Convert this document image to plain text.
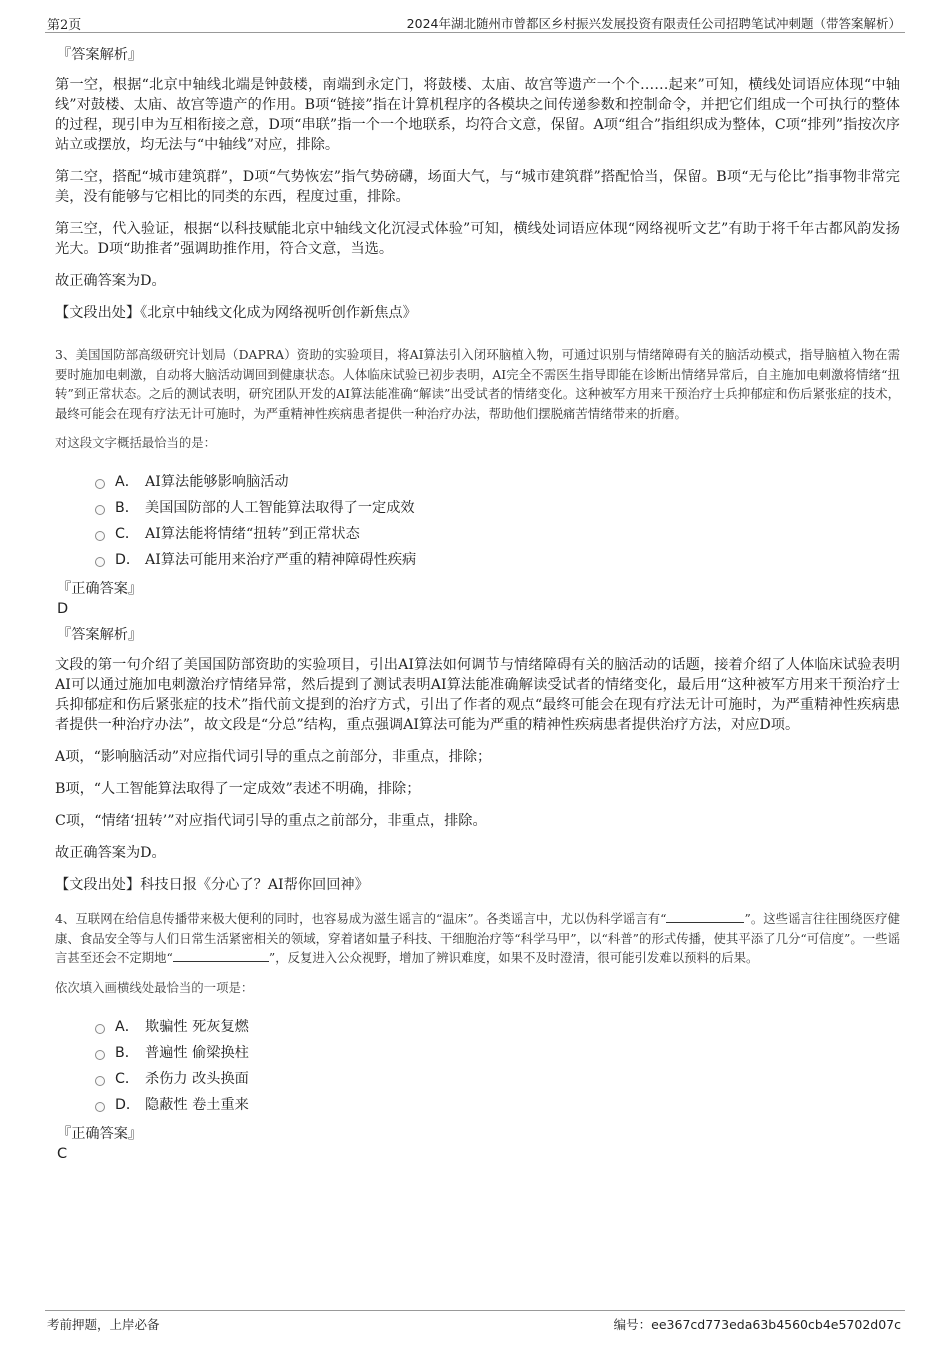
第2页	2024年湖北随州市曾都区乡村振兴发展投资有限责任公司招聘笔试冲刺题（带答案解析）
『答案解析』

第一空，根据“北京中轴线北端是钟鼓楼，南端到永定门，将鼓楼、太庙、故宫等遗产一个个……起来”可知，横线处词语应体现“中轴线”对鼓楼、太庙、故宫等遗产的作用。B项“链接”指在计算机程序的各模块之间传递参数和控制命令，并把它们组成一个可执行的整体的过程，现引申为互相衔接之意，D项“串联”指一个一个地联系，均符合文意，保留。A项“组合”指组织成为整体，C项“排列”指按次序站立或摆放，均无法与“中轴线”对应，排除。

第二空，搭配“城市建筑群”，D项“气势恢宏”指气势磅礴，场面大气，与“城市建筑群”搭配恰当，保留。B项“无与伦比”指事物非常完美，没有能够与它相比的同类的东西，程度过重，排除。

第三空，代入验证，根据“以科技赋能北京中轴线文化沉浸式体验”可知，横线处词语应体现“网络视听文艺”有助于将千年古都风韵发扬光大。D项“助推者”强调助推作用，符合文意，当选。

故正确答案为D。

【文段出处】《北京中轴线文化成为网络视听创作新焦点》

3、美国国防部高级研究计划局（DAPRA）资助的实验项目，将AI算法引入闭环脑植入物，可通过识别与情绪障碍有关的脑活动模式，指导脑植入物在需要时施加电刺激，自动将大脑活动调回到健康状态。人体临床试验已初步表明，AI完全不需医生指导即能在诊断出情绪异常后，自主施加电刺激将情绪“扭转”到正常状态。之后的测试表明，研究团队开发的AI算法能准确“解读”出受试者的情绪变化。这种被军方用来干预治疗士兵抑郁症和伤后紧张症的技术，最终可能会在现有疗法无计可施时，为严重精神性疾病患者提供一种治疗办法，帮助他们摆脱痛苦情绪带来的折磨。
对这段文字概括最恰当的是：
A． AI算法能够影响脑活动
B． 美国国防部的人工智能算法取得了一定成效
C． AI算法能将情绪“扭转”到正常状态
D． AI算法可能用来治疗严重的精神障碍性疾病
『正确答案』
D
『答案解析』

文段的第一句介绍了美国国防部资助的实验项目，引出AI算法如何调节与情绪障碍有关的脑活动的话题，接着介绍了人体临床试验表明AI可以通过施加电刺激治疗情绪异常，然后提到了测试表明AI算法能准确解读受试者的情绪变化，最后用“这种被军方用来干预治疗士兵抑郁症和伤后紧张症的技术”指代前文提到的治疗方式，引出了作者的观点“最终可能会在现有疗法无计可施时，为严重精神性疾病患者提供一种治疗办法”，故文段是“分总”结构，重点强调AI算法可能为严重的精神性疾病患者提供治疗方法，对应D项。

A项，“影响脑活动”对应指代词引导的重点之前部分，非重点，排除；

B项，“人工智能算法取得了一定成效”表述不明确，排除；

C项，“情绪‘扭转’”对应指代词引导的重点之前部分，非重点，排除。

故正确答案为D。

【文段出处】科技日报《分心了？AI帮你回回神》

4、互联网在给信息传播带来极大便利的同时，也容易成为滋生谣言的“温床”。各类谣言中，尤以伪科学谣言有“	”。这些谣言往往围绕医疗健康、食品安全等与人们日常生活紧密相关的领域，穿着诸如量子科技、干细胞治疗等“科学马甲”，以“科普”的形式传播，使其平添了几分“可信度”。一些谣言甚至还会不定期地“	”，反复进入公众视野，增加了辨识难度，如果不及时澄清，很可能引发难以预料的后果。
依次填入画横线处最恰当的一项是：
A． 欺骗性 死灰复燃
B． 普遍性 偷梁换柱
C． 杀伤力 改头换面
D． 隐蔽性 卷土重来
『正确答案』
C
考前押题，上岸必备	编号：ee367cd773eda63b4560cb4e5702d07c
